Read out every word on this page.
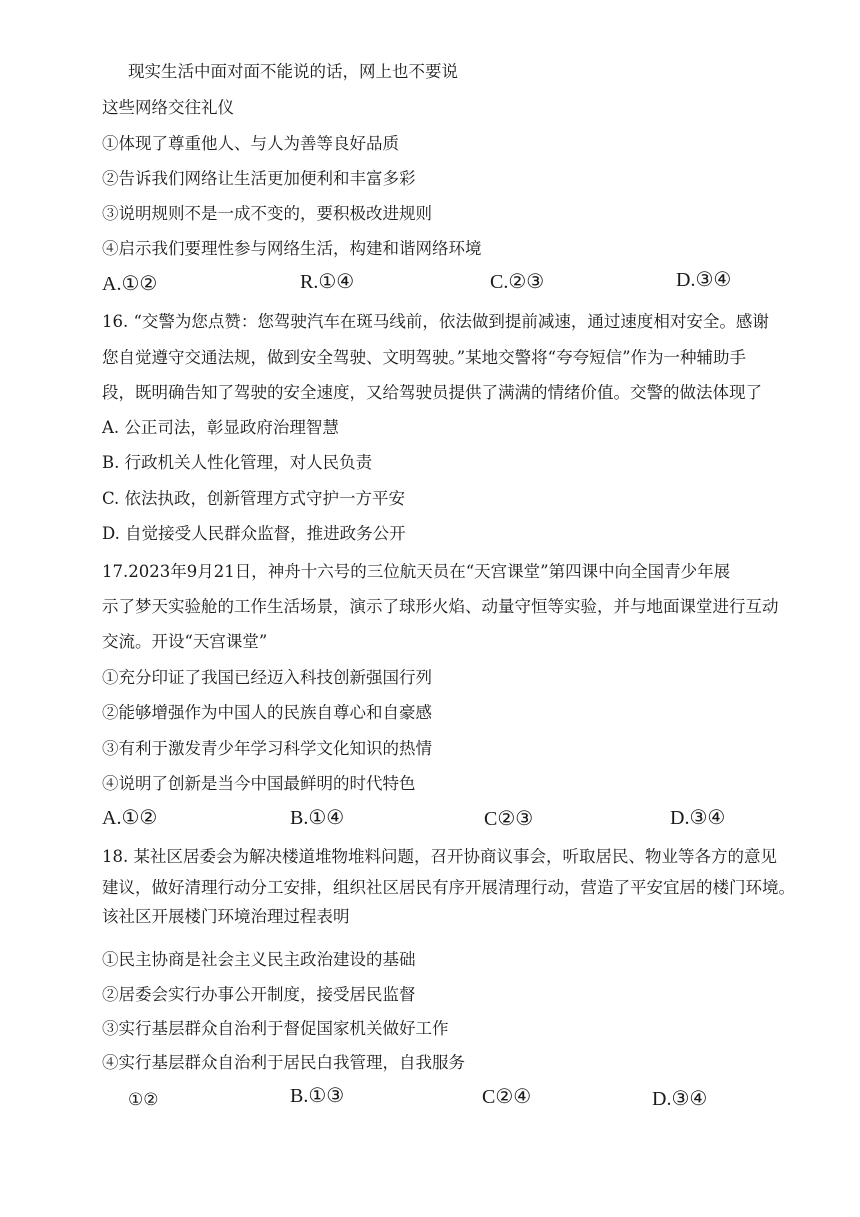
现实生活中面对面不能说的话，网上也不要说
这些网络交往礼仪
①体现了尊重他人、与人为善等良好品质
②告诉我们网络让生活更加便利和丰富多彩
③说明规则不是一成不变的，要积极改进规则
④启示我们要理性参与网络生活，构建和谐网络环境
A.①②	R.①④	C.②③	D.③④
16. “交警为您点赞：您驾驶汽车在斑马线前，依法做到提前减速，通过速度相对安全。感谢
您自觉遵守交通法规，做到安全驾驶、文明驾驶。”某地交警将“夸夸短信”作为一种辅助手
段，既明确告知了驾驶的安全速度，又给驾驶员提供了满满的情绪价值。交警的做法体现了
A. 公正司法，彰显政府治理智慧
B. 行政机关人性化管理，对人民负责
C. 依法执政，创新管理方式守护一方平安
D. 自觉接受人民群众监督，推进政务公开
17.2023年9月21日，神舟十六号的三位航天员在“天宫课堂”第四课中向全国青少年展
示了梦天实验舱的工作生活场景，演示了球形火焰、动量守恒等实验，并与地面课堂进行互动
交流。开设“天宫课堂”
①充分印证了我国已经迈入科技创新强国行列
②能够增强作为中国人的民族自尊心和自豪感
③有利于激发青少年学习科学文化知识的热情
④说明了创新是当今中国最鲜明的时代特色
A.①②	B.①④	C②③	D.③④
18. 某社区居委会为解决楼道堆物堆料问题，召开协商议事会，听取居民、物业等各方的意见
建议，做好清理行动分工安排，组织社区居民有序开展清理行动，营造了平安宜居的楼门环境。
该社区开展楼门环境治理过程表明
①民主协商是社会主义民主政治建设的基础
②居委会实行办事公开制度，接受居民监督
③实行基层群众自治利于督促国家机关做好工作
④实行基层群众自治利于居民白我管理，自我服务
①②	B.①③	C②④	D.③④
